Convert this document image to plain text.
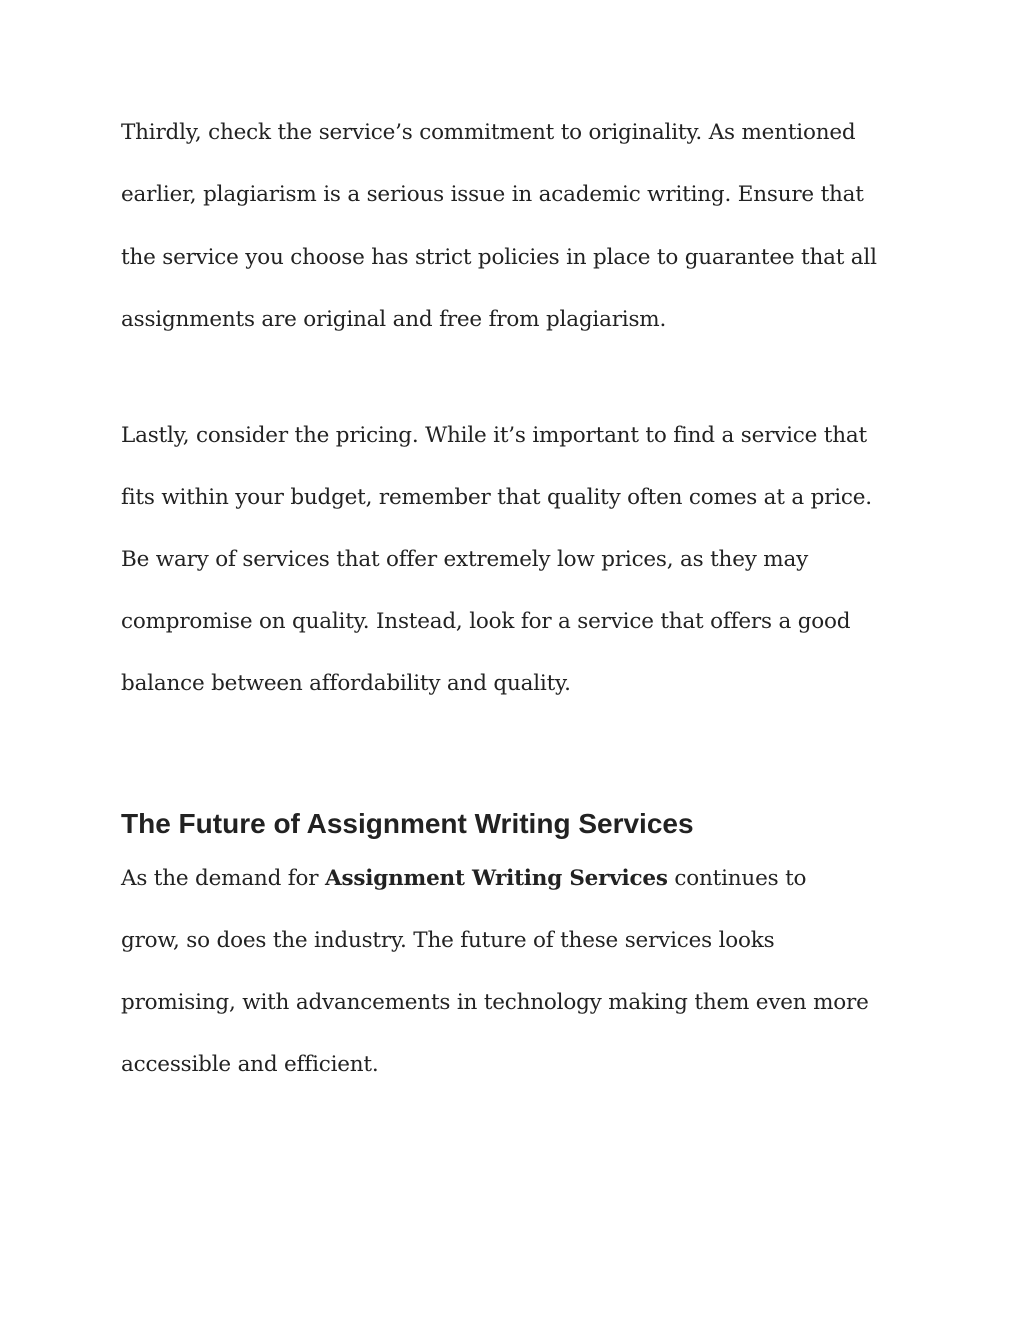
Thirdly, check the service’s commitment to originality. As mentioned

earlier, plagiarism is a serious issue in academic writing. Ensure that

the service you choose has strict policies in place to guarantee that all

assignments are original and free from plagiarism.

Lastly, consider the pricing. While it’s important to find a service that

fits within your budget, remember that quality often comes at a price.

Be wary of services that offer extremely low prices, as they may

compromise on quality. Instead, look for a service that offers a good

balance between affordability and quality.

The Future of Assignment Writing Services

As the demand for Assignment Writing Services continues to

grow, so does the industry. The future of these services looks

promising, with advancements in technology making them even more

accessible and efficient.
